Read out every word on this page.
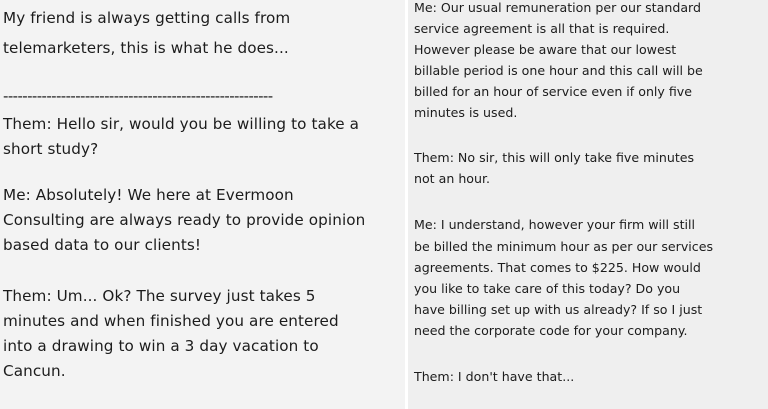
My friend is always getting calls from

telemarketers, this is what he does...

--------------------------------------------------------

Them: Hello sir, would you be willing to take a

short study?

Me: Absolutely! We here at Evermoon

Consulting are always ready to provide opinion

based data to our clients!

Them: Um... Ok? The survey just takes 5

minutes and when finished you are entered

into a drawing to win a 3 day vacation to

Cancun.

Me: Our usual remuneration per our standard

service agreement is all that is required.

However please be aware that our lowest

billable period is one hour and this call will be

billed for an hour of service even if only five

minutes is used.

Them: No sir, this will only take five minutes

not an hour.

Me: I understand, however your firm will still

be billed the minimum hour as per our services

agreements. That comes to $225. How would

you like to take care of this today? Do you

have billing set up with us already? If so I just

need the corporate code for your company.

Them: I don't have that...
